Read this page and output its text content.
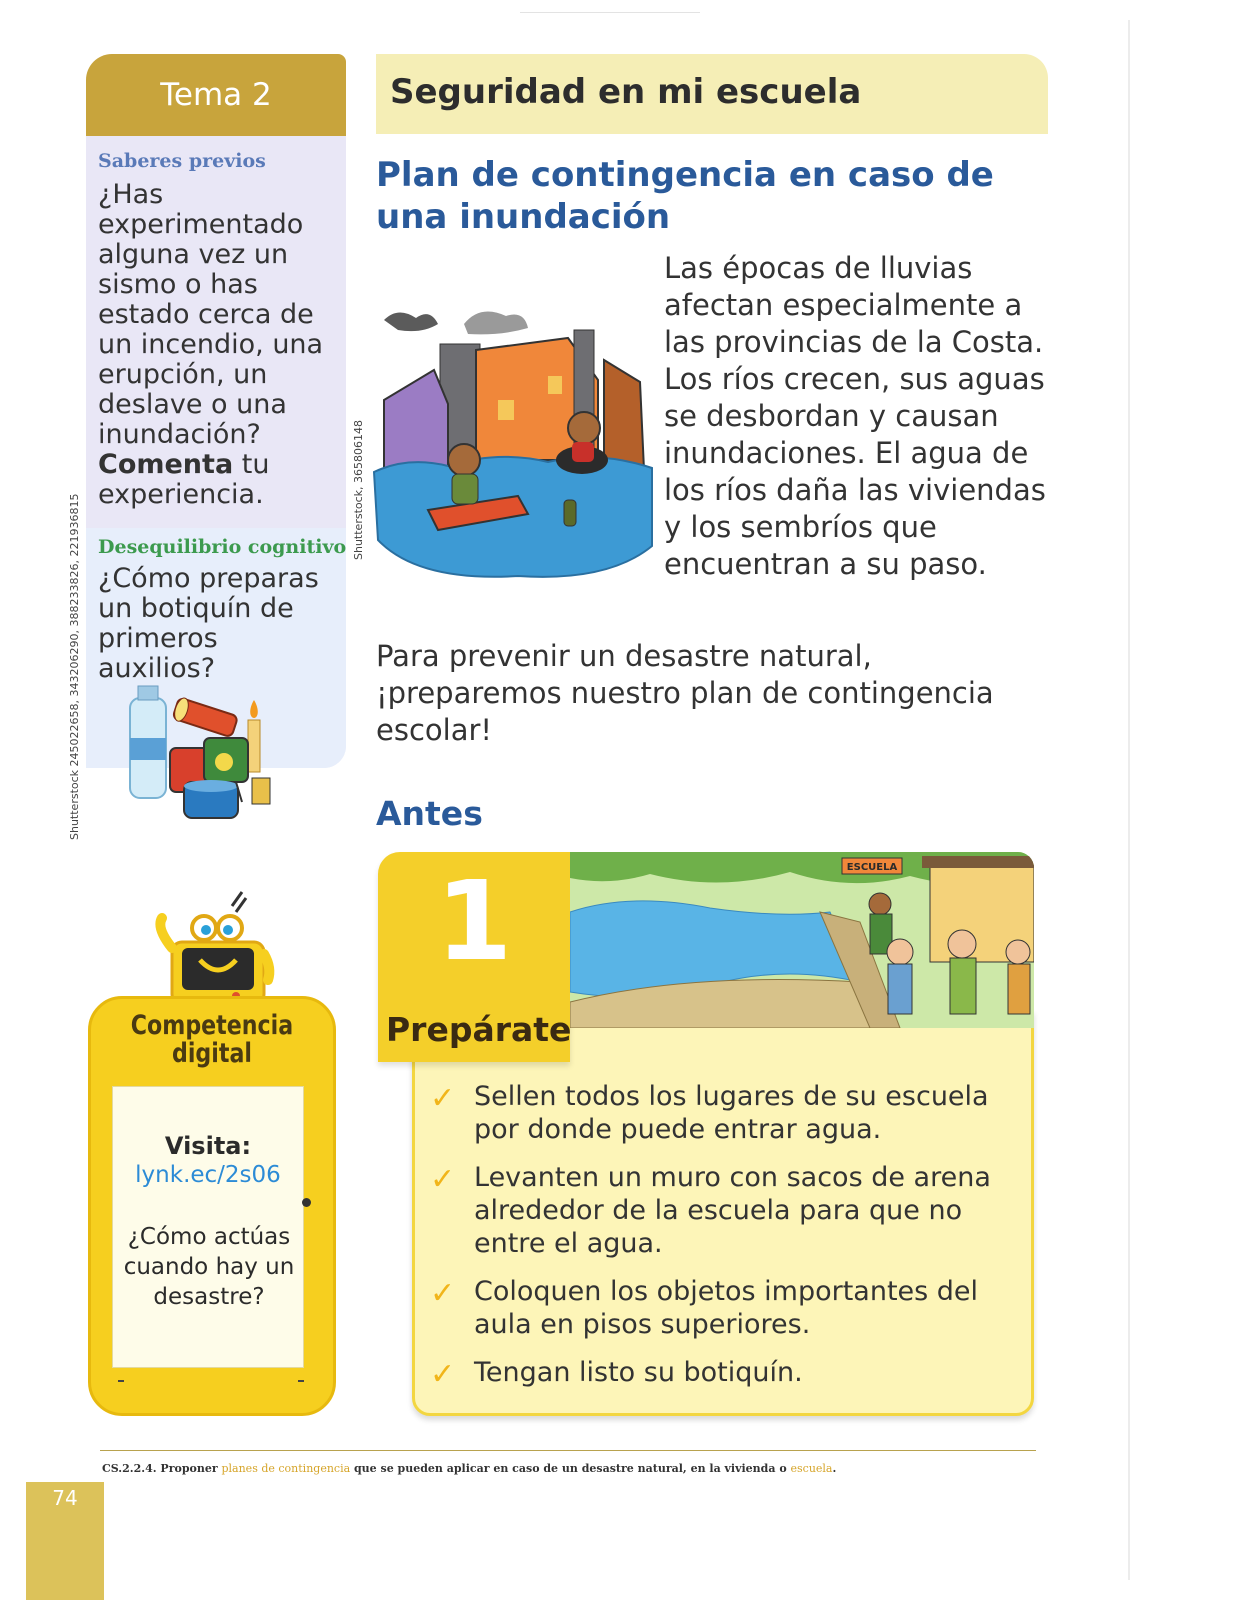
Tema 2
Saberes previos
¿Has experimentado alguna vez un sismo o has estado cerca de un incendio, una erupción, un deslave o una inundación? Comenta tu experiencia.
Desequilibrio cognitivo
¿Cómo preparas un botiquín de primeros auxilios?
Shutterstock 245022658, 343206290, 388233826, 221936815
Competencia digital
Visita:
lynk.ec/2s06
¿Cómo actúas cuando hay un desastre?
Seguridad en mi escuela
Plan de contingencia en caso de una inundación
Shutterstock, 365806148
Las épocas de lluvias afectan especialmente a las provincias de la Costa. Los ríos crecen, sus aguas se desbordan y causan inundaciones. El agua de los ríos daña las viviendas y los sembríos que encuentran a su paso.
Para prevenir un desastre natural, ¡preparemos nuestro plan de contingencia escolar!
Antes
1	ESCUELA
Prepárate
✓ Sellen todos los lugares de su escuela por donde puede entrar agua.
✓ Levanten un muro con sacos de arena alrededor de la escuela para que no entre el agua.
✓ Coloquen los objetos importantes del aula en pisos superiores.
✓ Tengan listo su botiquín.
CS.2.2.4. Proponer planes de contingencia que se pueden aplicar en caso de un desastre natural, en la vivienda o escuela.
74
